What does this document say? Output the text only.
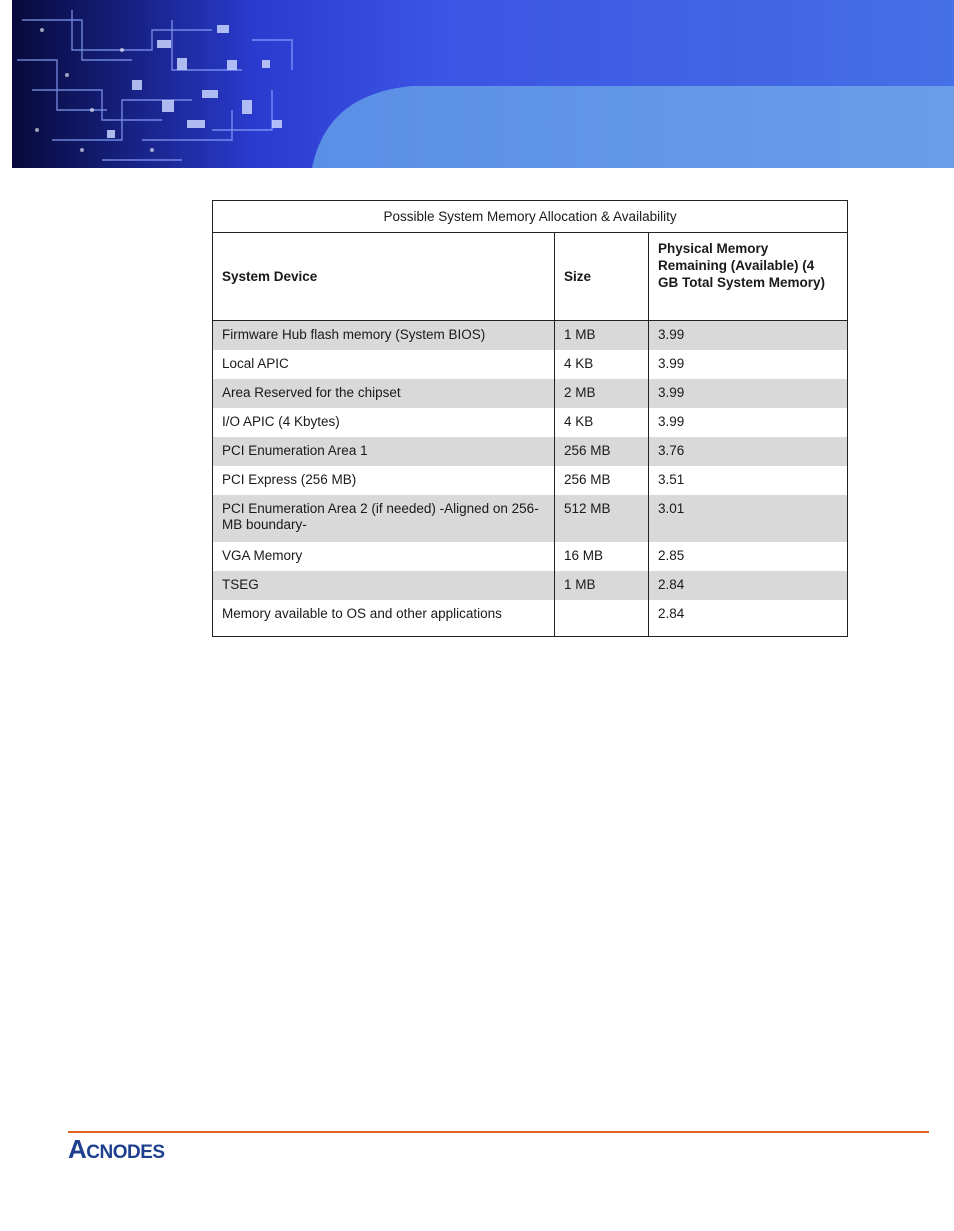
Possible System Memory Allocation & Availability		
System Device	Size	Physical Memory Remaining (Available) (4 GB Total System Memory)
Firmware Hub flash memory (System BIOS)	1 MB	3.99
Local APIC	4 KB	3.99
Area Reserved for the chipset	2 MB	3.99
I/O APIC (4 Kbytes)	4 KB	3.99
PCI Enumeration Area 1	256 MB	3.76
PCI Express (256 MB)	256 MB	3.51
PCI Enumeration Area 2 (if needed) -Aligned on 256-MB boundary-	512 MB	3.01
VGA Memory	16 MB	2.85
TSEG	1 MB	2.84
Memory available to OS and other applications		2.84
ACNODES
